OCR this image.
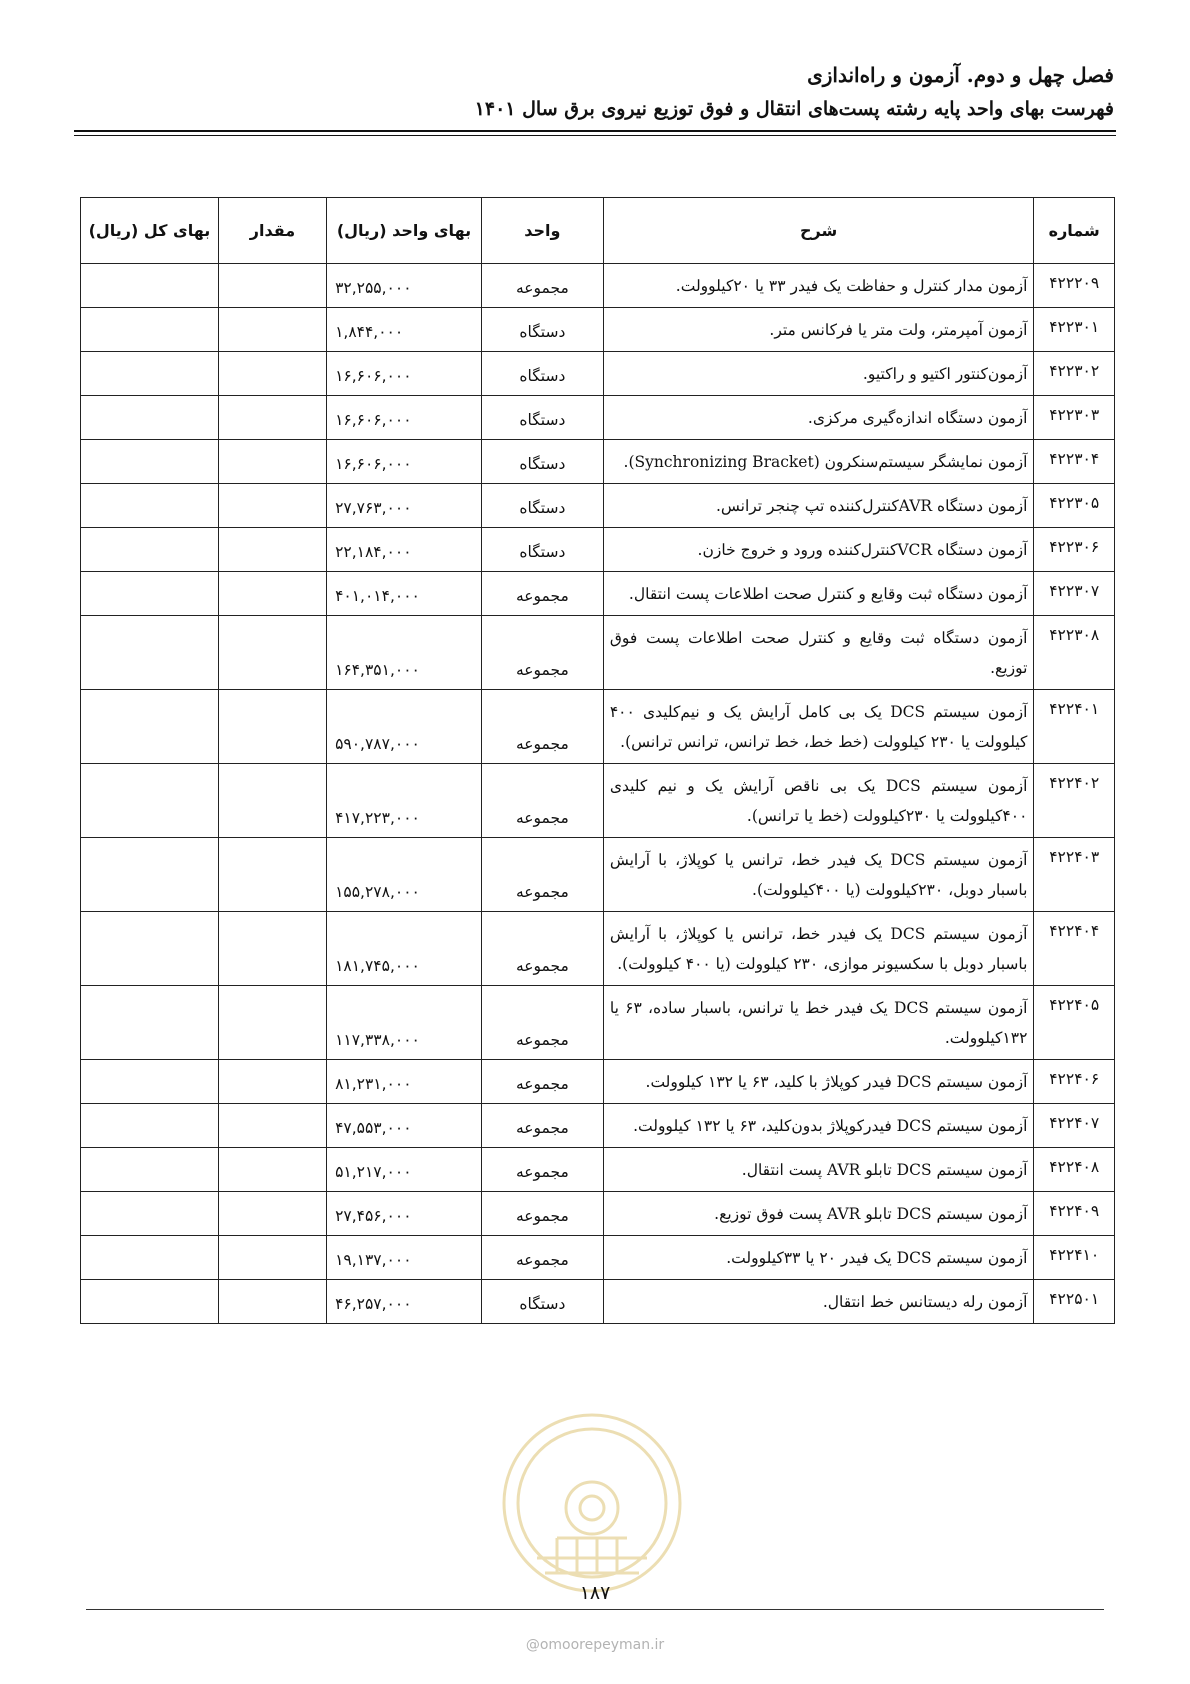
فصل چهل و دوم. آزمون و راه‌اندازی
فهرست بهای واحد پایه رشته پست‌های انتقال و فوق توزیع نیروی برق سال ۱۴۰۱
شماره	شرح	واحد	بهای واحد (ریال)	مقدار	بهای کل (ریال)
۴۲۲۲۰۹	آزمون مدار کنترل و حفاظت یک فیدر ۳۳ یا ۲۰کیلوولت.	مجموعه	۳۲,۲۵۵,۰۰۰		
۴۲۲۳۰۱	آزمون آمپرمتر، ولت متر یا فرکانس متر.	دستگاه	۱,۸۴۴,۰۰۰		
۴۲۲۳۰۲	آزمون‌کنتور اکتیو و راکتیو.	دستگاه	۱۶,۶۰۶,۰۰۰		
۴۲۲۳۰۳	آزمون دستگاه اندازه‌گیری مرکزی.	دستگاه	۱۶,۶۰۶,۰۰۰		
۴۲۲۳۰۴	آزمون نمایشگر سیستم‌سنکرون (Synchronizing Bracket).	دستگاه	۱۶,۶۰۶,۰۰۰		
۴۲۲۳۰۵	آزمون دستگاه AVRکنترل‌کننده تپ چنجر ترانس.	دستگاه	۲۷,۷۶۳,۰۰۰		
۴۲۲۳۰۶	آزمون دستگاه VCRکنترل‌کننده ورود و خروج خازن.	دستگاه	۲۲,۱۸۴,۰۰۰		
۴۲۲۳۰۷	آزمون دستگاه ثبت وقایع و کنترل صحت اطلاعات پست انتقال.	مجموعه	۴۰۱,۰۱۴,۰۰۰		
۴۲۲۳۰۸	آزمون دستگاه ثبت وقایع و کنترل صحت اطلاعات پست فوق توزیع.	مجموعه	۱۶۴,۳۵۱,۰۰۰		
۴۲۲۴۰۱	آزمون سیستم DCS یک بی کامل آرایش یک و نیم‌کلیدی ۴۰۰ کیلوولت یا ۲۳۰ کیلوولت (خط خط، خط ترانس، ترانس ترانس).	مجموعه	۵۹۰,۷۸۷,۰۰۰		
۴۲۲۴۰۲	آزمون سیستم DCS یک بی ناقص آرایش یک و نیم کلیدی ۴۰۰کیلوولت یا ۲۳۰کیلوولت (خط یا ترانس).	مجموعه	۴۱۷,۲۲۳,۰۰۰		
۴۲۲۴۰۳	آزمون سیستم DCS یک فیدر خط، ترانس یا کوپلاژ، با آرایش باسبار دوبل، ۲۳۰کیلوولت (یا ۴۰۰کیلوولت).	مجموعه	۱۵۵,۲۷۸,۰۰۰		
۴۲۲۴۰۴	آزمون سیستم DCS یک فیدر خط، ترانس یا کوپلاژ، با آرایش باسبار دوبل با سکسیونر موازی، ۲۳۰ کیلوولت (یا ۴۰۰ کیلوولت).	مجموعه	۱۸۱,۷۴۵,۰۰۰		
۴۲۲۴۰۵	آزمون سیستم DCS یک فیدر خط یا ترانس، باسبار ساده، ۶۳ یا ۱۳۲کیلوولت.	مجموعه	۱۱۷,۳۳۸,۰۰۰		
۴۲۲۴۰۶	آزمون سیستم DCS فیدر کوپلاژ با کلید، ۶۳ یا ۱۳۲ کیلوولت.	مجموعه	۸۱,۲۳۱,۰۰۰		
۴۲۲۴۰۷	آزمون سیستم DCS فیدرکوپلاژ بدون‌کلید، ۶۳ یا ۱۳۲ کیلوولت.	مجموعه	۴۷,۵۵۳,۰۰۰		
۴۲۲۴۰۸	آزمون سیستم DCS تابلو AVR پست انتقال.	مجموعه	۵۱,۲۱۷,۰۰۰		
۴۲۲۴۰۹	آزمون سیستم DCS تابلو AVR پست فوق توزیع.	مجموعه	۲۷,۴۵۶,۰۰۰		
۴۲۲۴۱۰	آزمون سیستم DCS یک فیدر ۲۰ یا ۳۳کیلوولت.	مجموعه	۱۹,۱۳۷,۰۰۰		
۴۲۲۵۰۱	آزمون رله دیستانس خط انتقال.	دستگاه	۴۶,۲۵۷,۰۰۰		
۱۸۷
@omoorepeyman.ir
